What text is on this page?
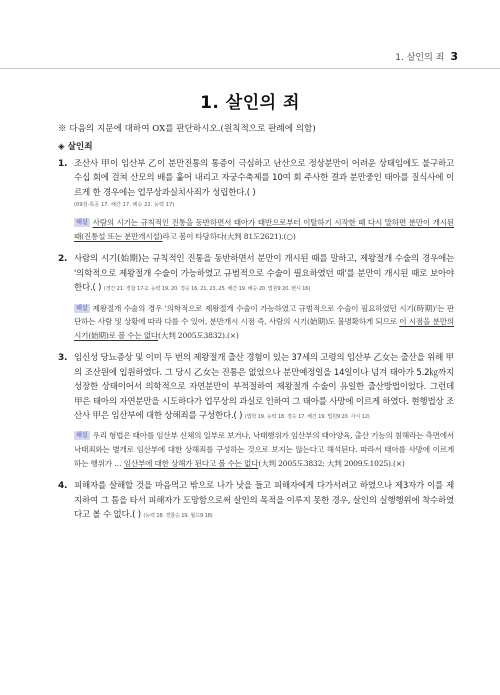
1. 살인의 죄 3
1. 살인의 죄
※ 다음의 지문에 대하여 OX를 판단하시오.(원칙적으로 판례에 의함)
◈ 살인죄
1. 조산사 甲이 임산부 乙이 분만진통의 통증이 극심하고 난산으로 정상분만이 어려운 상태임에도 불구하고 수십 회에 걸쳐 산모의 배를 훑어 내리고 자궁수축제를 10여 회 주사한 결과 분만중인 태아를 질식사에 이르게 한 경우에는 업무상과실치사죄가 성립한다.( )
(09검·특공 17. 해간 17. 해승 22. 능력 17)
해설 사람의 시기는 규칙적인 진통을 동반하면서 태아가 태반으로부터 이탈하기 시작한 때 다시 말하면 분만이 개시된 때(진통설 또는 분만개시설)라고 봄이 타당하다(大判 81도2621).(○)
2. 사람의 시기(始期)는 규칙적인 진통을 동반하면서 분만이 개시된 때를 말하고, 제왕절개 수술의 경우에는 '의학적으로 제왕절개 수술이 가능하였고 규범적으로 수술이 필요하였던 때'를 분만이 개시된 때로 보아야 한다.( ) (경간 21. 경찰 17-2. 능력 19, 20. 경승 16, 21, 23, 25. 해간 19. 해승 20. 법원9 20. 변시 16)
해설 제왕절개 수술의 경우 '의학적으로 제왕절개 수술이 가능하였고 규범적으로 수술이 필요하였던 시기(時期)'는 판단하는 사람 및 상황에 따라 다를 수 있어, 분만개시 시점 즉, 사람의 시기(始期)도 불명확하게 되므로 이 시점을 분만의 시기(始期)로 볼 수는 없다(大判 2005도3832).(×)
3. 임신성 당뇨증상 및 이미 두 번의 제왕절개 출산 경험이 있는 37세의 고령의 임산부 乙女는 출산을 위해 甲의 조산원에 입원하였다. 그 당시 乙女는 진통은 없었으나 분만예정일을 14일이나 넘겨 태아가 5.2㎏까지 성장한 상태이어서 의학적으로 자연분만이 부적절하여 제왕절개 수술이 유일한 출산방법이었다. 그런데 甲은 태아의 자연분만을 시도하다가 업무상의 과실로 인하여 그 태아를 사망에 이르게 하였다. 현행법상 조산사 甲은 임산부에 대한 상해죄를 구성한다.( ) (법학 19. 능력 18. 경승 17. 해간 19. 법원9 20. 사시 12)
해설 우리 형법은 태아를 임산부 신체의 일부로 보거나, 낙태행위가 임산부의 태아양육, 출산 기능의 침해라는 측면에서 낙태죄와는 별개로 임산부에 대한 상해죄를 구성하는 것으로 보지는 않는다고 해석된다. 따라서 태아를 사망에 이르게 하는 행위가 … 임산부에 대한 상해가 된다고 볼 수는 없다(大判 2005도3832; 大判 2009도1025).(×)
4. 피해자를 살해할 것을 마음먹고 밖으로 나가 낫을 들고 피해자에게 다가서려고 하였으나 제3자가 이를 제지하여 그 틈을 타서 피해자가 도망함으로써 살인의 목적을 이루지 못한 경우, 살인의 실행행위에 착수하였다고 볼 수 없다.( ) (능력 18. 경찰승 19. 월드9 18)
